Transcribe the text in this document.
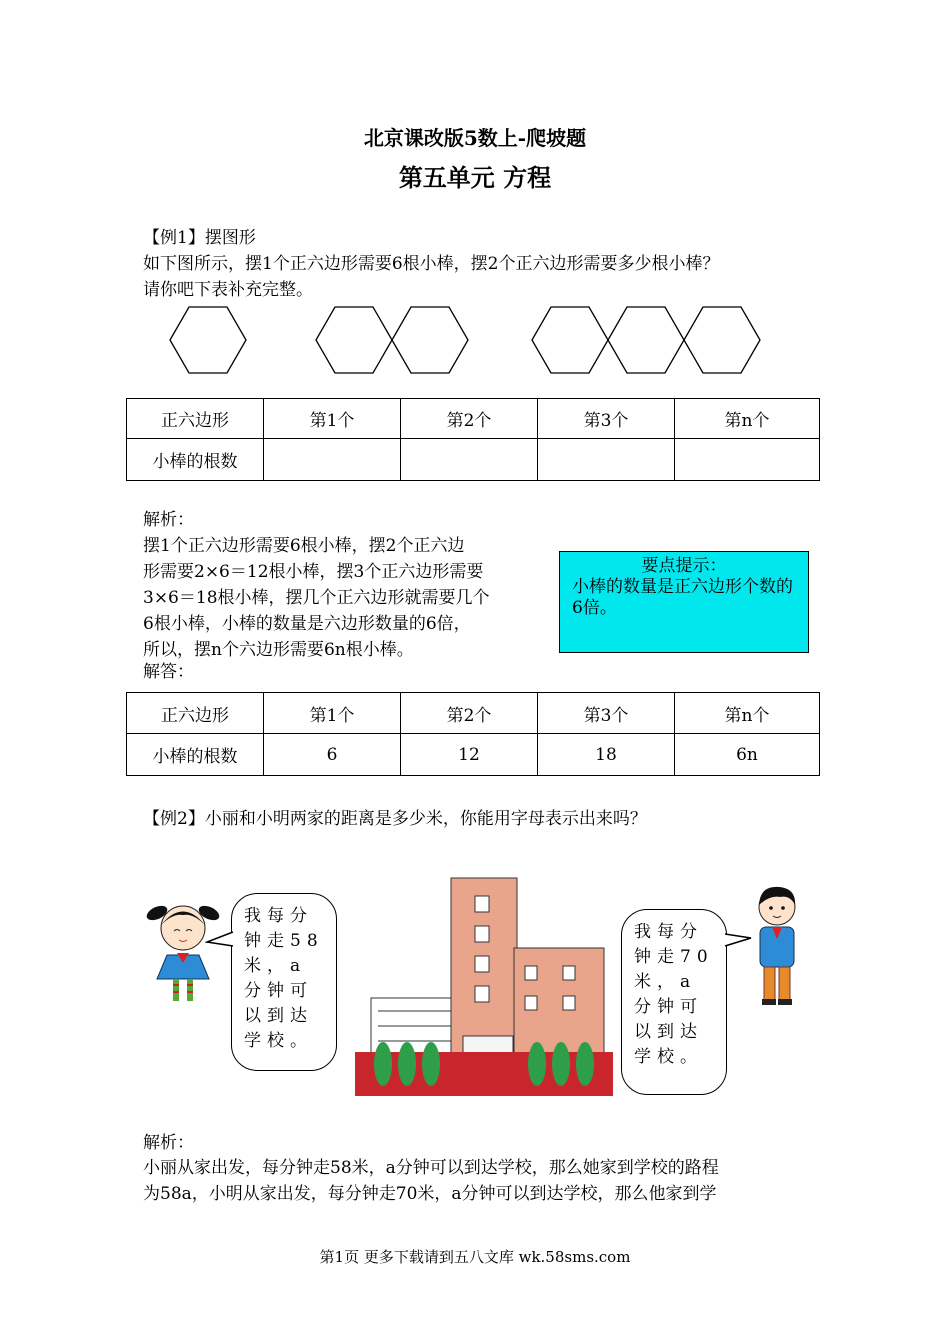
北京课改版5数上-爬坡题
第五单元 方程
【例1】摆图形
如下图所示，摆1个正六边形需要6根小棒，摆2个正六边形需要多少根小棒？
请你吧下表补充完整。
正六边形	第1个	第2个	第3个	第n个
小棒的根数				
解析：
摆1个正六边形需要6根小棒，摆2个正六边
形需要2×6＝12根小棒，摆3个正六边形需要
3×6＝18根小棒，摆几个正六边形就需要几个
6根小棒，小棒的数量是六边形数量的6倍，
所以，摆n个六边形需要6n根小棒。
要点提示：
小棒的数量是正六边形个数的6倍。
解答：
正六边形	第1个	第2个	第3个	第n个
小棒的根数	6	12	18	6n
【例2】小丽和小明两家的距离是多少米，你能用字母表示出来吗？
我每分钟走58米，a分钟可以到达学校。
我每分钟走70米，a分钟可以到达学校。
解析：
小丽从家出发，每分钟走58米，a分钟可以到达学校，那么她家到学校的路程
为58a，小明从家出发，每分钟走70米，a分钟可以到达学校，那么他家到学
第1页 更多下载请到五八文库 wk.58sms.com
